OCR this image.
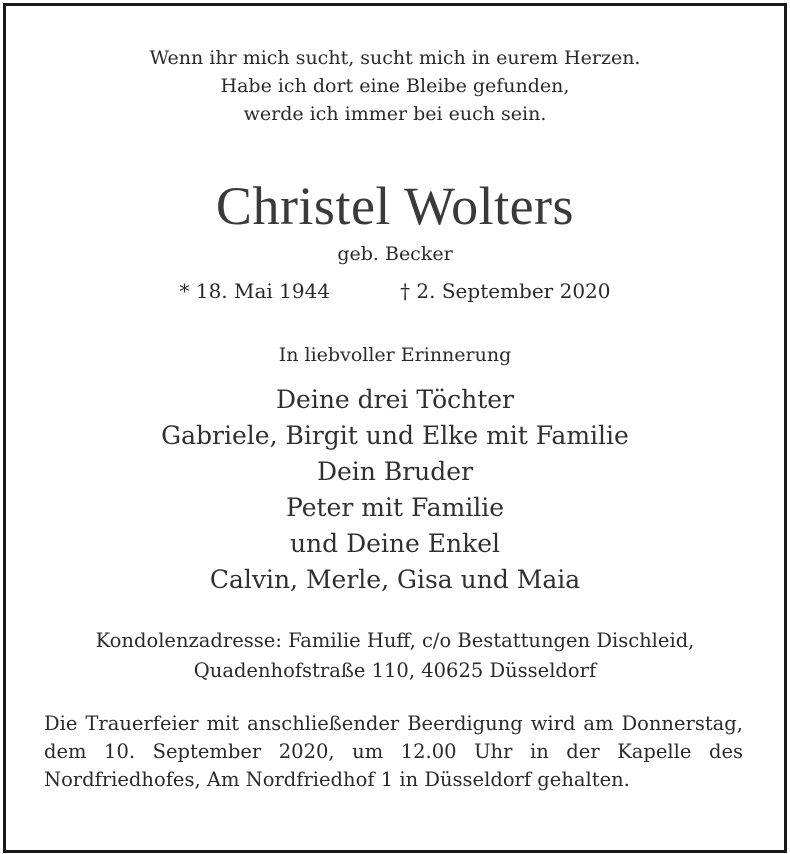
Wenn ihr mich sucht, sucht mich in eurem Herzen.
Habe ich dort eine Bleibe gefunden,
werde ich immer bei euch sein.
Christel Wolters
geb. Becker
* 18. Mai 1944	† 2. September 2020
In liebvoller Erinnerung
Deine drei Töchter
Gabriele, Birgit und Elke mit Familie
Dein Bruder
Peter mit Familie
und Deine Enkel
Calvin, Merle, Gisa und Maia
Kondolenzadresse: Familie Huff, c/o Bestattungen Dischleid,
Quadenhofstraße 110, 40625 Düsseldorf
Die Trauerfeier mit anschließender Beerdigung wird am Donnerstag, dem 10. September 2020, um 12.00 Uhr in der Kapelle des Nordfriedhofes, Am Nordfriedhof 1 in Düsseldorf gehalten.
